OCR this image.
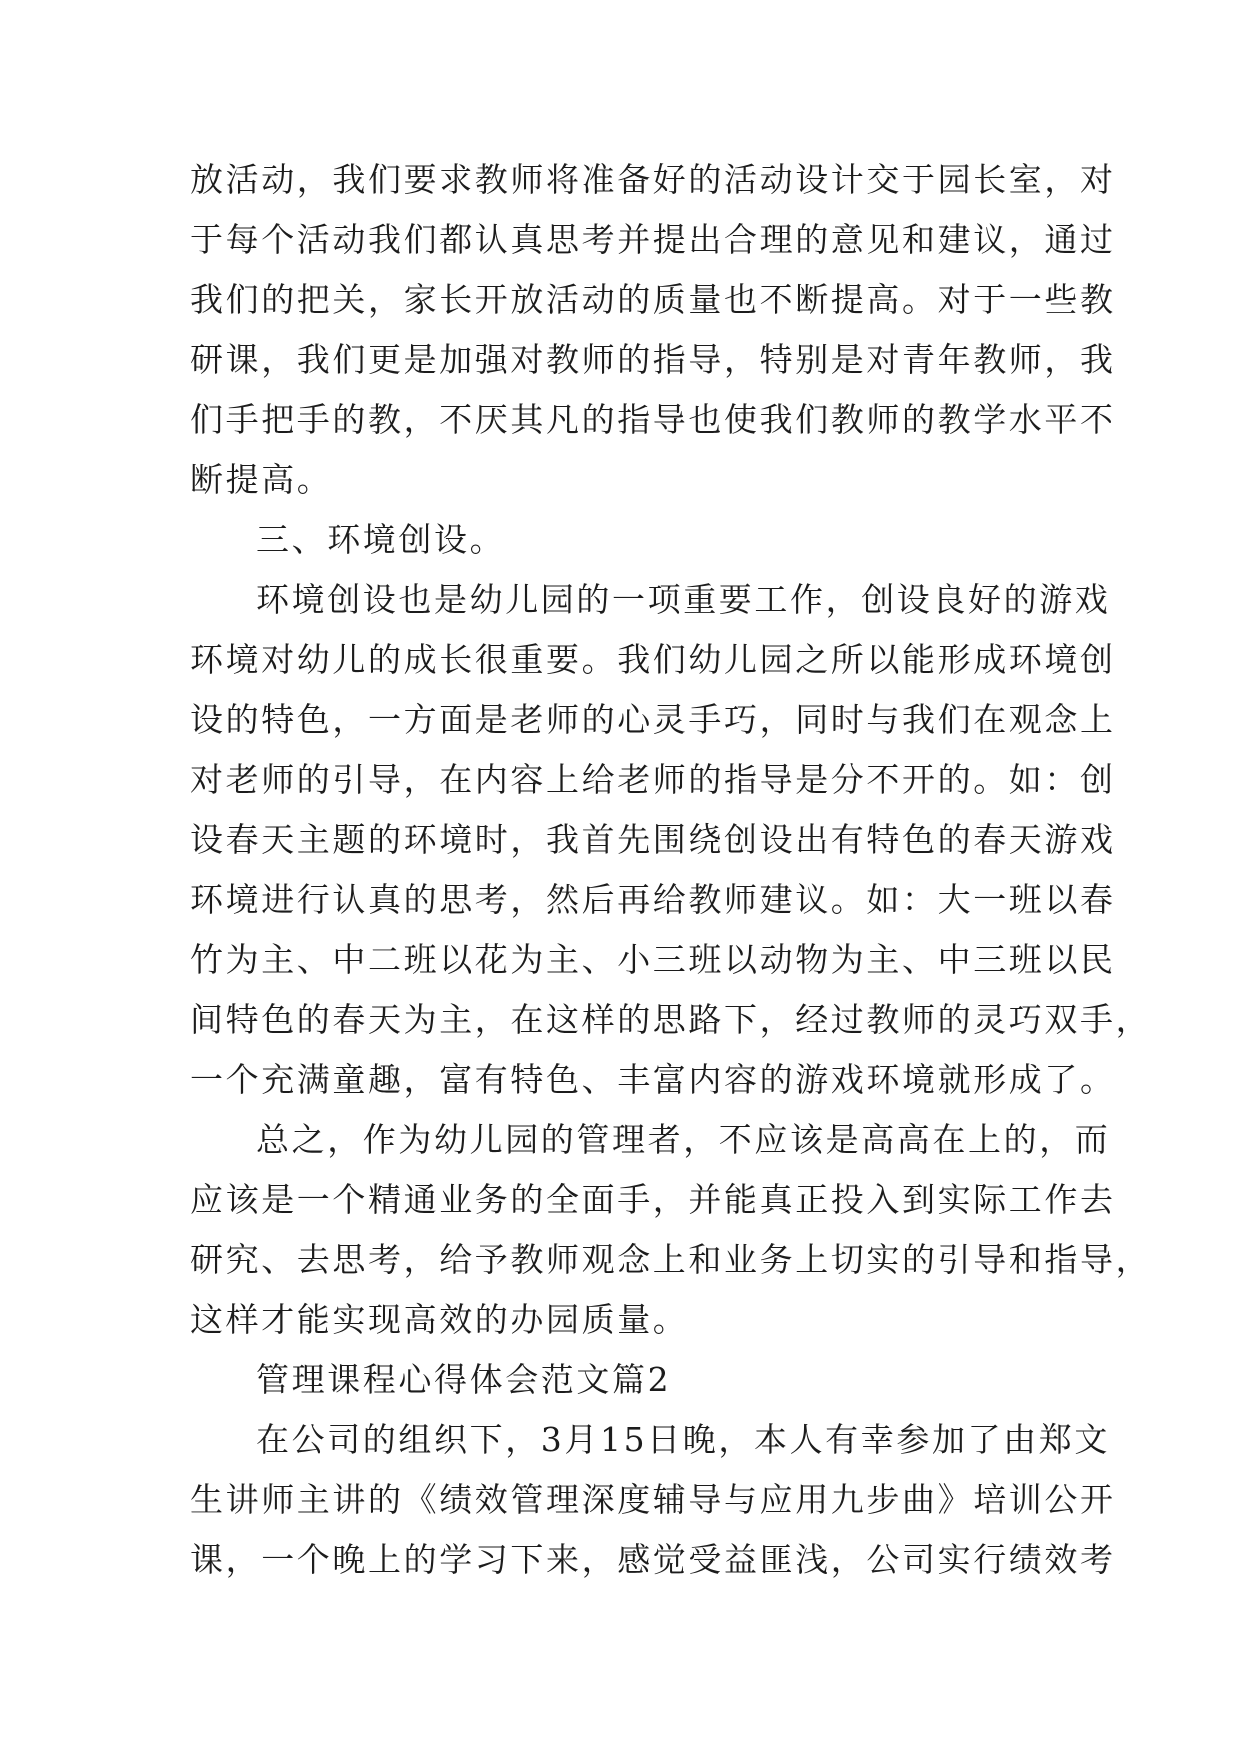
放活动，我们要求教师将准备好的活动设计交于园长室，对
于每个活动我们都认真思考并提出合理的意见和建议，通过
我们的把关，家长开放活动的质量也不断提高。对于一些教
研课，我们更是加强对教师的指导，特别是对青年教师，我
们手把手的教，不厌其凡的指导也使我们教师的教学水平不
断提高。
三、环境创设。
环境创设也是幼儿园的一项重要工作，创设良好的游戏
环境对幼儿的成长很重要。我们幼儿园之所以能形成环境创
设的特色，一方面是老师的心灵手巧，同时与我们在观念上
对老师的引导，在内容上给老师的指导是分不开的。如：创
设春天主题的环境时，我首先围绕创设出有特色的春天游戏
环境进行认真的思考，然后再给教师建议。如：大一班以春
竹为主、中二班以花为主、小三班以动物为主、中三班以民
间特色的春天为主，在这样的思路下，经过教师的灵巧双手，
一个充满童趣，富有特色、丰富内容的游戏环境就形成了。
总之，作为幼儿园的管理者，不应该是高高在上的，而
应该是一个精通业务的全面手，并能真正投入到实际工作去
研究、去思考，给予教师观念上和业务上切实的引导和指导，
这样才能实现高效的办园质量。
管理课程心得体会范文篇2
在公司的组织下，3月15日晚，本人有幸参加了由郑文
生讲师主讲的《绩效管理深度辅导与应用九步曲》培训公开
课，一个晚上的学习下来，感觉受益匪浅，公司实行绩效考
